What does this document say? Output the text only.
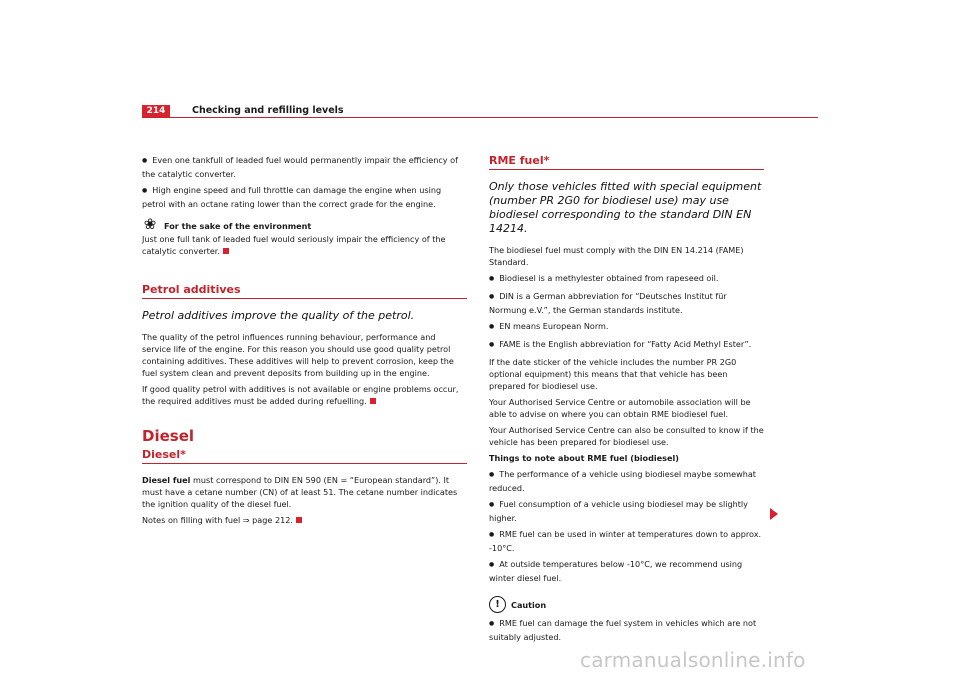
214	Checking and refilling levels

● Even one tankfull of leaded fuel would permanently impair the efficiency of the catalytic converter.

● High engine speed and full throttle can damage the engine when using petrol with an octane rating lower than the correct grade for the engine.

❀ For the sake of the environment

Just one full tank of leaded fuel would seriously impair the efficiency of the catalytic converter.

Petrol additives
Petrol additives improve the quality of the petrol.

The quality of the petrol influences running behaviour, performance and service life of the engine. For this reason you should use good quality petrol containing additives. These additives will help to prevent corrosion, keep the fuel system clean and prevent deposits from building up in the engine.

If good quality petrol with additives is not available or engine problems occur, the required additives must be added during refuelling.

Diesel
Diesel*

Diesel fuel must correspond to DIN EN 590 (EN = “European standard”). It must have a cetane number (CN) of at least 51. The cetane number indicates the ignition quality of the diesel fuel.

Notes on filling with fuel ⇒ page 212.

RME fuel*
Only those vehicles fitted with special equipment (number PR 2G0 for biodiesel use) may use biodiesel corresponding to the standard DIN EN 14214.

The biodiesel fuel must comply with the DIN EN 14.214 (FAME) Standard.

● Biodiesel is a methylester obtained from rapeseed oil.

● DIN is a German abbreviation for “Deutsches Institut für Normung e.V.”, the German standards institute.

● EN means European Norm.

● FAME is the English abbreviation for “Fatty Acid Methyl Ester”.

If the date sticker of the vehicle includes the number PR 2G0 optional equipment) this means that that vehicle has been prepared for biodiesel use.

Your Authorised Service Centre or automobile association will be able to advise on where you can obtain RME biodiesel fuel.

Your Authorised Service Centre can also be consulted to know if the vehicle has been prepared for biodiesel use.

Things to note about RME fuel (biodiesel)

● The performance of a vehicle using biodiesel maybe somewhat reduced.

● Fuel consumption of a vehicle using biodiesel may be slightly higher.

● RME fuel can be used in winter at temperatures down to approx. -10°C.

● At outside temperatures below -10°C, we recommend using winter diesel fuel.

!	Caution

● RME fuel can damage the fuel system in vehicles which are not suitably adjusted.

carmanualsonline.info
